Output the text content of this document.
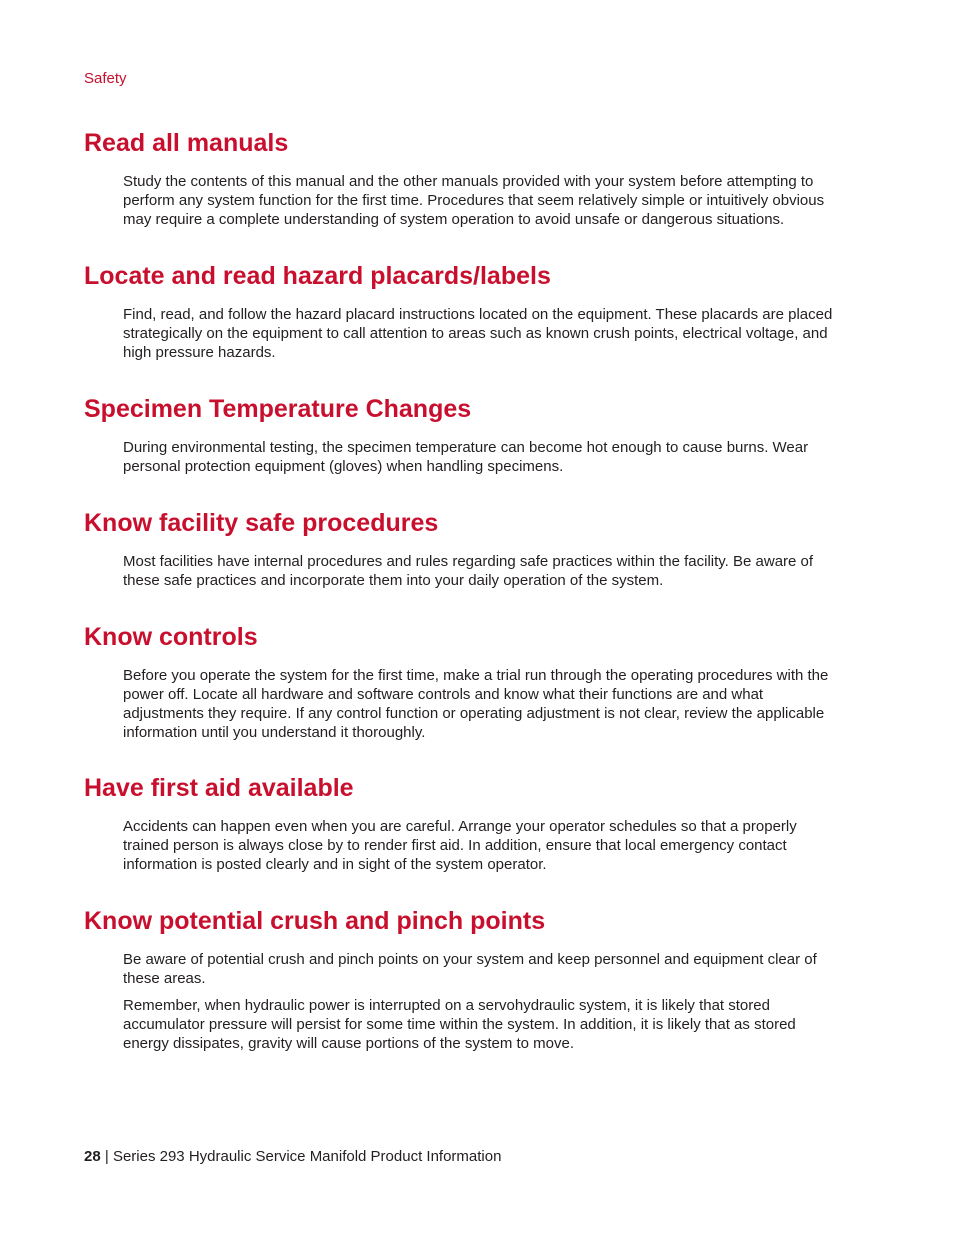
Safety
Read all manuals

Study the contents of this manual and the other manuals provided with your system before attempting to perform any system function for the first time. Procedures that seem relatively simple or intuitively obvious may require a complete understanding of system operation to avoid unsafe or dangerous situations.

Locate and read hazard placards/labels

Find, read, and follow the hazard placard instructions located on the equipment. These placards are placed strategically on the equipment to call attention to areas such as known crush points, electrical voltage, and high pressure hazards.

Specimen Temperature Changes

During environmental testing, the specimen temperature can become hot enough to cause burns. Wear personal protection equipment (gloves) when handling specimens.

Know facility safe procedures

Most facilities have internal procedures and rules regarding safe practices within the facility. Be aware of these safe practices and incorporate them into your daily operation of the system.

Know controls

Before you operate the system for the first time, make a trial run through the operating procedures with the power off. Locate all hardware and software controls and know what their functions are and what adjustments they require. If any control function or operating adjustment is not clear, review the applicable information until you understand it thoroughly.

Have first aid available

Accidents can happen even when you are careful. Arrange your operator schedules so that a properly trained person is always close by to render first aid. In addition, ensure that local emergency contact information is posted clearly and in sight of the system operator.

Know potential crush and pinch points

Be aware of potential crush and pinch points on your system and keep personnel and equipment clear of these areas.

Remember, when hydraulic power is interrupted on a servohydraulic system, it is likely that stored accumulator pressure will persist for some time within the system. In addition, it is likely that as stored energy dissipates, gravity will cause portions of the system to move.

28 | Series 293 Hydraulic Service Manifold Product Information
